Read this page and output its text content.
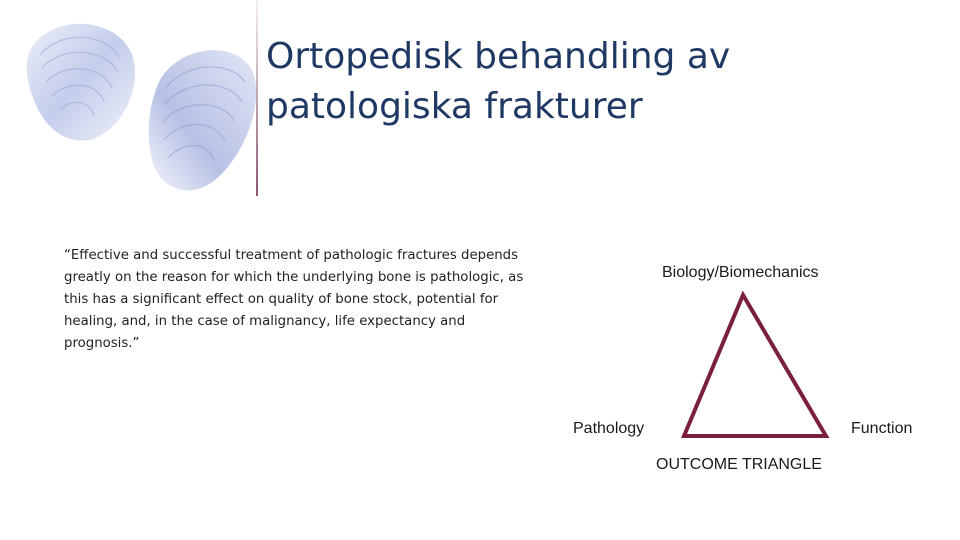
Ortopedisk behandling av
patologiska frakturer

“Effective and successful treatment of pathologic fractures depends greatly on the reason for which the underlying bone is pathologic, as this has a significant effect on quality of bone stock, potential for healing, and, in the case of malignancy, life expectancy and prognosis.”

Biology/Biomechanics
Pathology	Function
OUTCOME TRIANGLE
